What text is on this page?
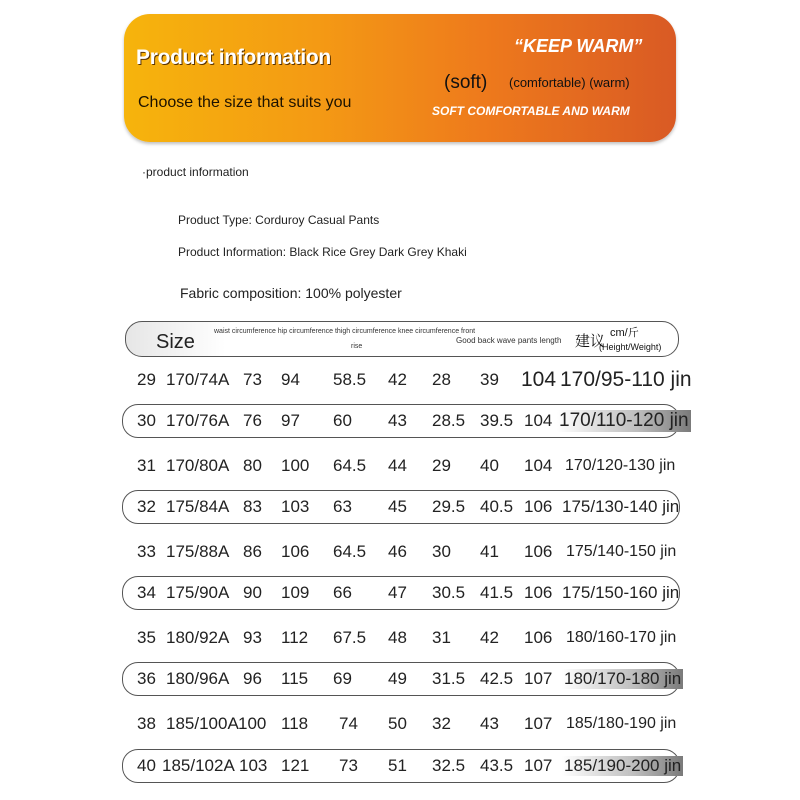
Product information
Choose the size that suits you
“KEEP WARM”
(soft) (comfortable) (warm)
SOFT COMFORTABLE AND WARM
·product information
Product Type: Corduroy Casual Pants
Product Information: Black Rice Grey Dark Grey Khaki
Fabric composition: 100% polyester
Size	waist circumference hip circumference thigh circumference knee circumference front
rise
Good back wave pants length 建议 cm/斤
(Height/Weight)
29 170/74A 73 94 58.5 42 28 39 104 170/95-110 jin
30 170/76A 76 97 60 43 28.5 39.5 104 170/110-120 jin
31 170/80A 80 100 64.5 44 29 40 104 170/120-130 jin
32 175/84A 83 103 63 45 29.5 40.5 106 175/130-140 jin
33 175/88A 86 106 64.5 46 30 41 106 175/140-150 jin
34 175/90A 90 109 66 47 30.5 41.5 106 175/150-160 jin
35 180/92A 93 112 67.5 48 31 42 106 180/160-170 jin
36 180/96A 96 115 69 49 31.5 42.5 107 180/170-180 jin
38 185/100A 100 118 74 50 32 43 107 185/180-190 jin
40 185/102A 103 121 73 51 32.5 43.5 107 185/190-200 jin
